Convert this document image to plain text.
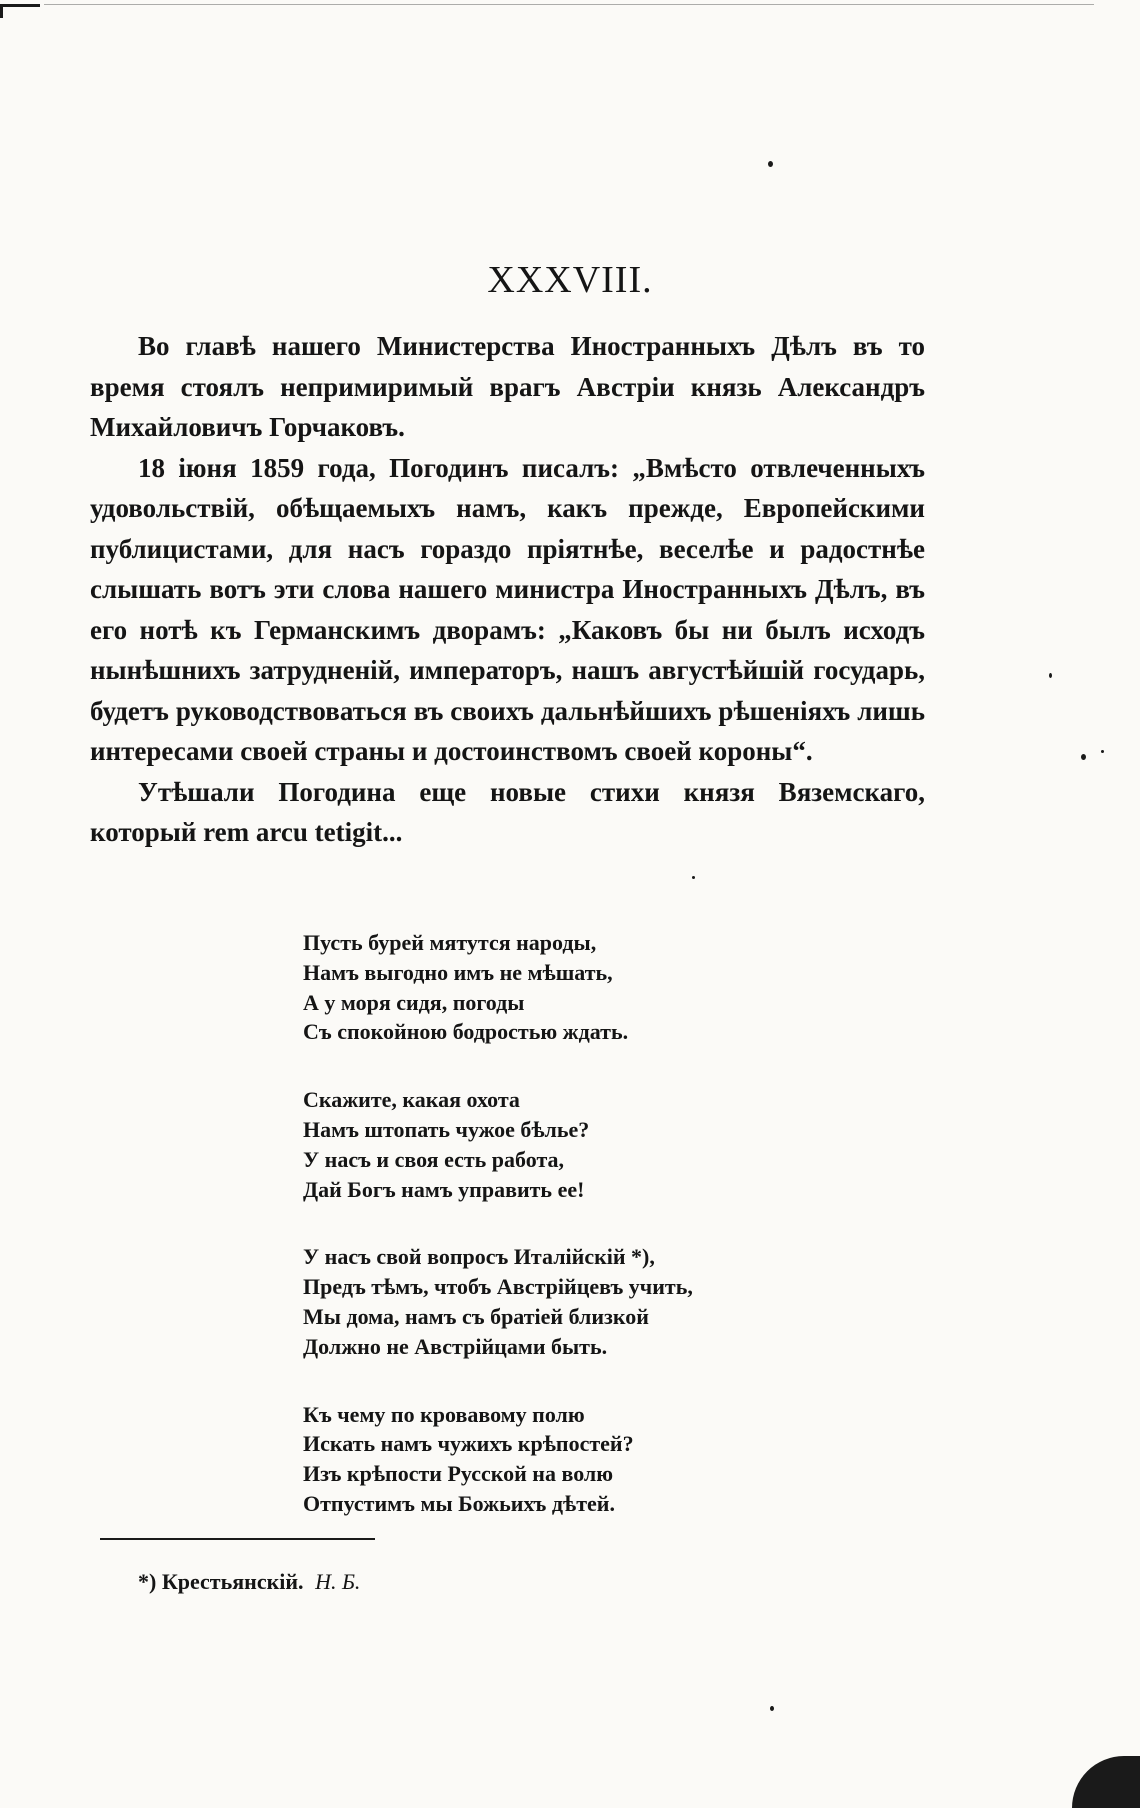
XXXVIII.

Во главѣ нашего Министерства Иностранныхъ Дѣлъ въ то время стоялъ непримиримый врагъ Австріи князь Александръ Михайловичъ Горчаковъ.

18 іюня 1859 года, Погодинъ писалъ: „Вмѣсто отвлеченныхъ удовольствій, обѣщаемыхъ намъ, какъ прежде, Европейскими публицистами, для насъ гораздо пріятнѣе, веселѣе и радостнѣе слышать вотъ эти слова нашего министра Иностранныхъ Дѣлъ, въ его нотѣ къ Германскимъ дворамъ: „Каковъ бы ни былъ исходъ нынѣшнихъ затрудненій, императоръ, нашъ августѣйшій государь, будетъ руководствоваться въ своихъ дальнѣйшихъ рѣшеніяхъ лишь интересами своей страны и достоинствомъ своей короны“.

Утѣшали Погодина еще новые стихи князя Вяземскаго, который rem arcu tetigit...

Пусть бурей мятутся народы,
Намъ выгодно имъ не мѣшать,
А у моря сидя, погоды
Съ спокойною бодростью ждать.
Скажите, какая охота
Намъ штопать чужое бѣлье?
У насъ и своя есть работа,
Дай Богъ намъ управить ее!
У насъ свой вопросъ Италійскій *),
Предъ тѣмъ, чтобъ Австрійцевъ учить,
Мы дома, намъ съ братіей близкой
Должно не Австрійцами быть.
Къ чему по кровавому полю
Искать намъ чужихъ крѣпостей?
Изъ крѣпости Русской на волю
Отпустимъ мы Божьихъ дѣтей.
*) Крестьянскій. Н. Б.
